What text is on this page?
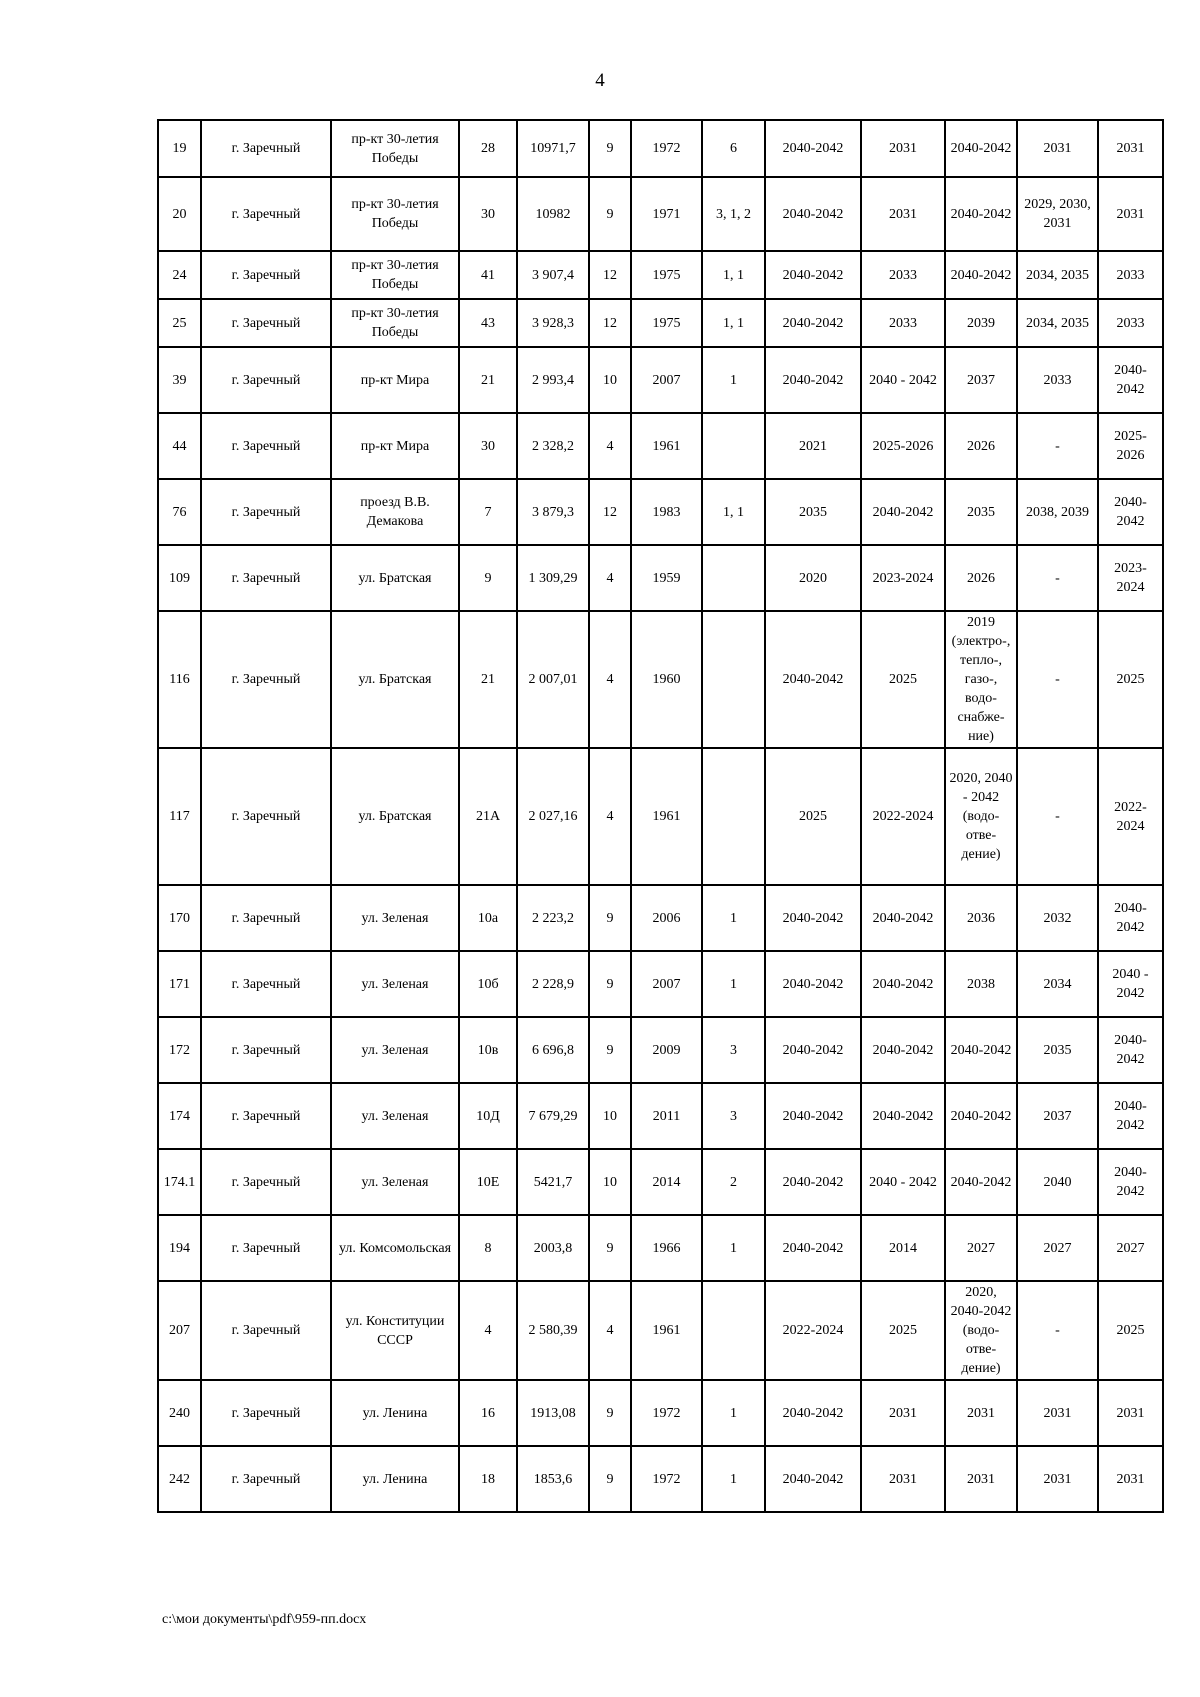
4
19	г. Заречный	пр-кт 30-летия Победы	28	10971,7	9	1972	6	2040-2042	2031	2040-2042	2031	2031
20	г. Заречный	пр-кт 30-летия Победы	30	10982	9	1971	3, 1, 2	2040-2042	2031	2040-2042	2029, 2030, 2031	2031
24	г. Заречный	пр-кт 30-летия Победы	41	3 907,4	12	1975	1, 1	2040-2042	2033	2040-2042	2034, 2035	2033
25	г. Заречный	пр-кт 30-летия Победы	43	3 928,3	12	1975	1, 1	2040-2042	2033	2039	2034, 2035	2033
39	г. Заречный	пр-кт Мира	21	2 993,4	10	2007	1	2040-2042	2040 - 2042	2037	2033	2040-2042
44	г. Заречный	пр-кт Мира	30	2 328,2	4	1961		2021	2025-2026	2026	-	2025-2026
76	г. Заречный	проезд В.В. Демакова	7	3 879,3	12	1983	1, 1	2035	2040-2042	2035	2038, 2039	2040-2042
109	г. Заречный	ул. Братская	9	1 309,29	4	1959		2020	2023-2024	2026	-	2023-2024
116	г. Заречный	ул. Братская	21	2 007,01	4	1960		2040-2042	2025	2019 (электро-, тепло-, газо-, водо-снабже-ние)	-	2025
117	г. Заречный	ул. Братская	21А	2 027,16	4	1961		2025	2022-2024	2020, 2040 - 2042 (водо-отве-дение)	-	2022-2024
170	г. Заречный	ул. Зеленая	10а	2 223,2	9	2006	1	2040-2042	2040-2042	2036	2032	2040-2042
171	г. Заречный	ул. Зеленая	10б	2 228,9	9	2007	1	2040-2042	2040-2042	2038	2034	2040 - 2042
172	г. Заречный	ул. Зеленая	10в	6 696,8	9	2009	3	2040-2042	2040-2042	2040-2042	2035	2040-2042
174	г. Заречный	ул. Зеленая	10Д	7 679,29	10	2011	3	2040-2042	2040-2042	2040-2042	2037	2040-2042
174.1	г. Заречный	ул. Зеленая	10Е	5421,7	10	2014	2	2040-2042	2040 - 2042	2040-2042	2040	2040-2042
194	г. Заречный	ул. Комсомольская	8	2003,8	9	1966	1	2040-2042	2014	2027	2027	2027
207	г. Заречный	ул. Конституции СССР	4	2 580,39	4	1961		2022-2024	2025	2020, 2040-2042 (водо-отве-дение)	-	2025
240	г. Заречный	ул. Ленина	16	1913,08	9	1972	1	2040-2042	2031	2031	2031	2031
242	г. Заречный	ул. Ленина	18	1853,6	9	1972	1	2040-2042	2031	2031	2031	2031
c:\мои документы\pdf\959-пп.docx
